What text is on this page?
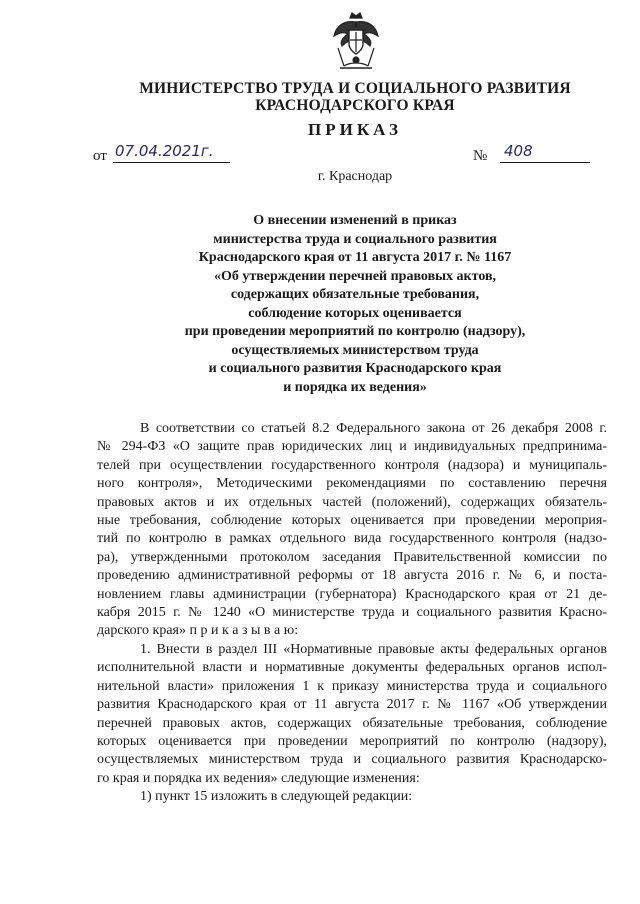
МИНИСТЕРСТВО ТРУДА И СОЦИАЛЬНОГО РАЗВИТИЯ
КРАСНОДАРСКОГО КРАЯ
ПРИКАЗ
от 07.04.2021г.	№ 408
г. Краснодар
О внесении изменений в приказ
министерства труда и социального развития
Краснодарского края от 11 августа 2017 г. № 1167
«Об утверждении перечней правовых актов,
содержащих обязательные требования,
соблюдение которых оценивается
при проведении мероприятий по контролю (надзору),
осуществляемых министерством труда
и социального развития Краснодарского края
и порядка их ведения»
В соответствии со статьей 8.2 Федерального закона от 26 декабря 2008 г.
№ 294-ФЗ «О защите прав юридических лиц и индивидуальных предпринима-
телей при осуществлении государственного контроля (надзора) и муниципаль-
ного контроля», Методическими рекомендациями по составлению перечня
правовых актов и их отдельных частей (положений), содержащих обязатель-
ные требования, соблюдение которых оценивается при проведении мероприя-
тий по контролю в рамках отдельного вида государственного контроля (надзо-
ра), утвержденными протоколом заседания Правительственной комиссии по
проведению административной реформы от 18 августа 2016 г. № 6, и поста-
новлением главы администрации (губернатора) Краснодарского края от 21 де-
кабря 2015 г. № 1240 «О министерстве труда и социального развития Красно-
дарского края» п р и к а з ы в а ю:
1. Внести в раздел III «Нормативные правовые акты федеральных органов
исполнительной власти и нормативные документы федеральных органов испол-
нительной власти» приложения 1 к приказу министерства труда и социального
развития Краснодарского края от 11 августа 2017 г. № 1167 «Об утверждении
перечней правовых актов, содержащих обязательные требования, соблюдение
которых оценивается при проведении мероприятий по контролю (надзору),
осуществляемых министерством труда и социального развития Краснодарско-
го края и порядка их ведения» следующие изменения:
1) пункт 15 изложить в следующей редакции:
